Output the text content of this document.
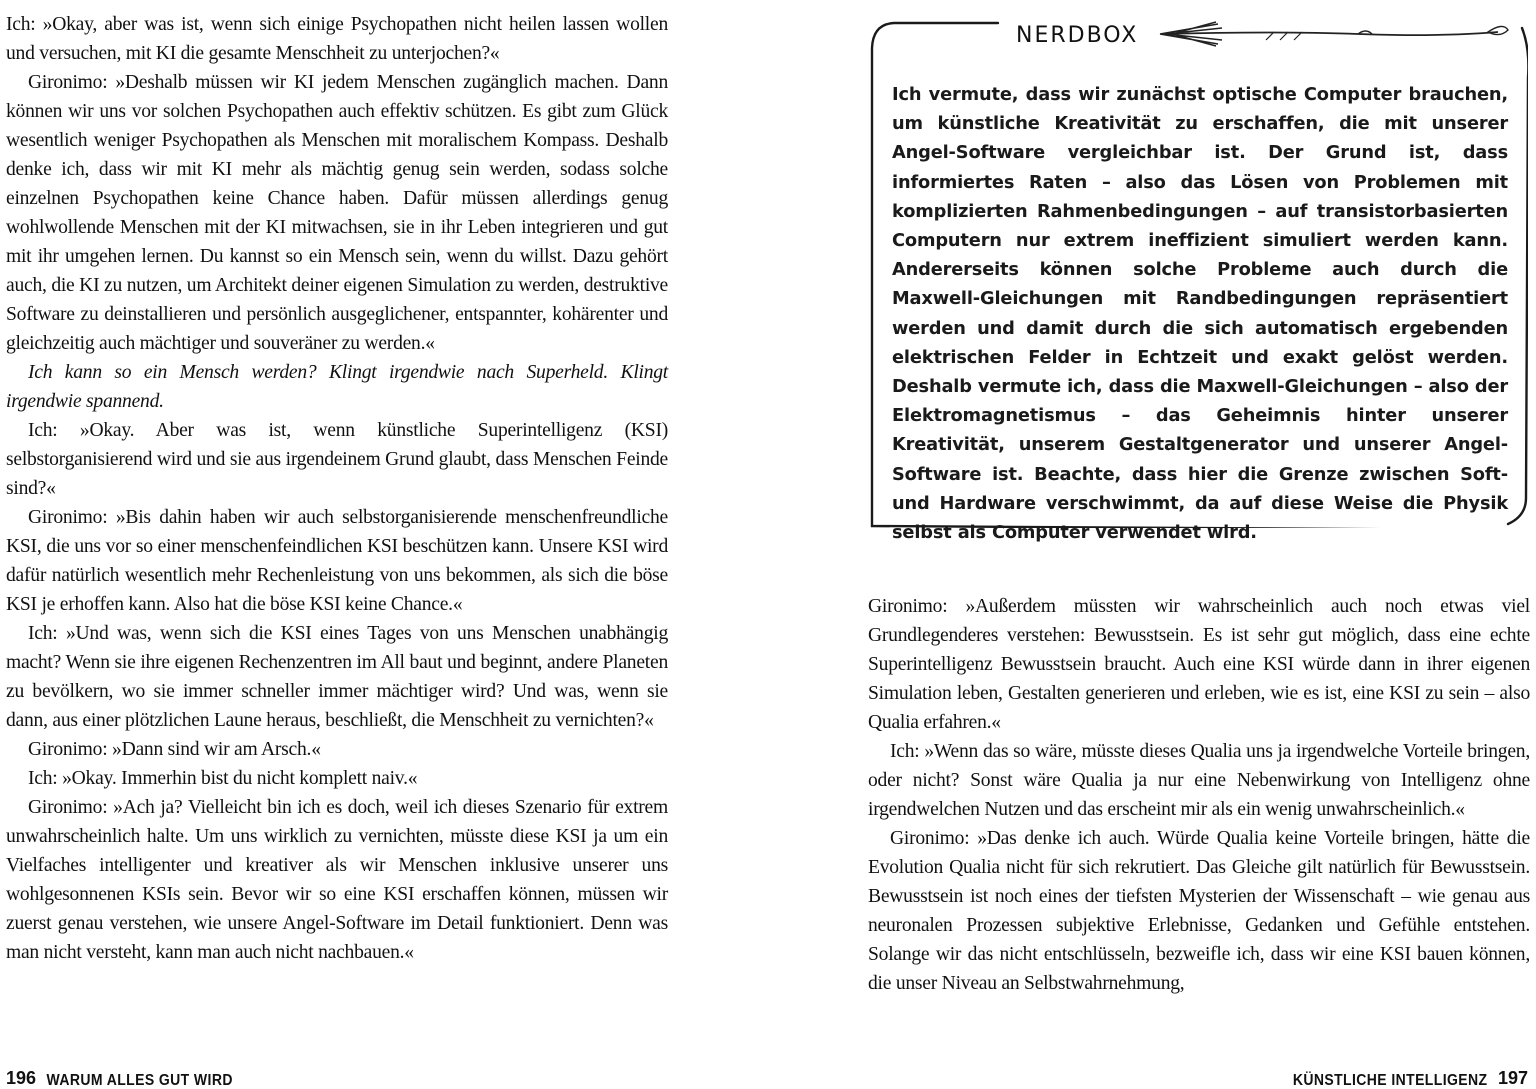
Ich: »Okay, aber was ist, wenn sich einige Psychopathen nicht heilen lassen wollen und versuchen, mit KI die gesamte Menschheit zu unterjochen?«

Gironimo: »Deshalb müssen wir KI jedem Menschen zugänglich machen. Dann können wir uns vor solchen Psychopathen auch effektiv schützen. Es gibt zum Glück wesentlich weniger Psychopathen als Menschen mit moralischem Kompass. Deshalb denke ich, dass wir mit KI mehr als mächtig genug sein werden, sodass solche einzelnen Psychopathen keine Chance haben. Dafür müssen allerdings genug wohlwollende Menschen mit der KI mitwachsen, sie in ihr Leben integrieren und gut mit ihr umgehen lernen. Du kannst so ein Mensch sein, wenn du willst. Dazu gehört auch, die KI zu nutzen, um Architekt deiner eigenen Simulation zu werden, destruktive Software zu deinstallieren und persönlich ausgeglichener, entspannter, kohärenter und gleichzeitig auch mächtiger und souveräner zu werden.«

Ich kann so ein Mensch werden? Klingt irgendwie nach Superheld. Klingt irgendwie spannend.

Ich: »Okay. Aber was ist, wenn künstliche Superintelligenz (KSI) selbstorganisierend wird und sie aus irgendeinem Grund glaubt, dass Menschen Feinde sind?«

Gironimo: »Bis dahin haben wir auch selbstorganisierende menschenfreundliche KSI, die uns vor so einer menschenfeindlichen KSI beschützen kann. Unsere KSI wird dafür natürlich wesentlich mehr Rechenleistung von uns bekommen, als sich die böse KSI je erhoffen kann. Also hat die böse KSI keine Chance.«

Ich: »Und was, wenn sich die KSI eines Tages von uns Menschen unabhängig macht? Wenn sie ihre eigenen Rechenzentren im All baut und beginnt, andere Planeten zu bevölkern, wo sie immer schneller immer mächtiger wird? Und was, wenn sie dann, aus einer plötzlichen Laune heraus, beschließt, die Menschheit zu vernichten?«

Gironimo: »Dann sind wir am Arsch.«

Ich: »Okay. Immerhin bist du nicht komplett naiv.«

Gironimo: »Ach ja? Vielleicht bin ich es doch, weil ich dieses Szenario für extrem unwahrscheinlich halte. Um uns wirklich zu vernichten, müsste diese KSI ja um ein Vielfaches intelligenter und kreativer als wir Menschen inklusive unserer uns wohlgesonnenen KSIs sein. Bevor wir so eine KSI erschaffen können, müssen wir zuerst genau verstehen, wie unsere Angel-Software im Detail funktioniert. Denn was man nicht versteht, kann man auch nicht nachbauen.«

NERDBOX

Ich vermute, dass wir zunächst optische Computer brauchen, um künstliche Kreativität zu erschaffen, die mit unserer Angel-Software vergleichbar ist. Der Grund ist, dass informiertes Raten – also das Lösen von Problemen mit komplizierten Rahmenbedingungen – auf transistorbasierten Computern nur extrem ineffizient simuliert werden kann. Andererseits können solche Probleme auch durch die Maxwell-Gleichungen mit Randbedingungen repräsentiert werden und damit durch die sich automatisch ergebenden elektrischen Felder in Echtzeit und exakt gelöst werden. Deshalb vermute ich, dass die Maxwell-Gleichungen – also der Elektromagnetismus – das Geheimnis hinter unserer Kreativität, unserem Gestaltgenerator und unserer Angel-Software ist. Beachte, dass hier die Grenze zwischen Soft- und Hardware verschwimmt, da auf diese Weise die Physik selbst als Computer verwendet wird.

Gironimo: »Außerdem müssten wir wahrscheinlich auch noch etwas viel Grundlegenderes verstehen: Bewusstsein. Es ist sehr gut möglich, dass eine echte Superintelligenz Bewusstsein braucht. Auch eine KSI würde dann in ihrer eigenen Simulation leben, Gestalten generieren und erleben, wie es ist, eine KSI zu sein – also Qualia erfahren.«

Ich: »Wenn das so wäre, müsste dieses Qualia uns ja irgendwelche Vorteile bringen, oder nicht? Sonst wäre Qualia ja nur eine Nebenwirkung von Intelligenz ohne irgendwelchen Nutzen und das erscheint mir als ein wenig unwahrscheinlich.«

Gironimo: »Das denke ich auch. Würde Qualia keine Vorteile bringen, hätte die Evolution Qualia nicht für sich rekrutiert. Das Gleiche gilt natürlich für Bewusstsein. Bewusstsein ist noch eines der tiefsten Mysterien der Wissenschaft – wie genau aus neuronalen Prozessen subjektive Erlebnisse, Gedanken und Gefühle entstehen. Solange wir das nicht entschlüsseln, bezweifle ich, dass wir eine KSI bauen können, die unser Niveau an Selbstwahrnehmung,

196 WARUM ALLES GUT WIRD	KÜNSTLICHE INTELLIGENZ 197
